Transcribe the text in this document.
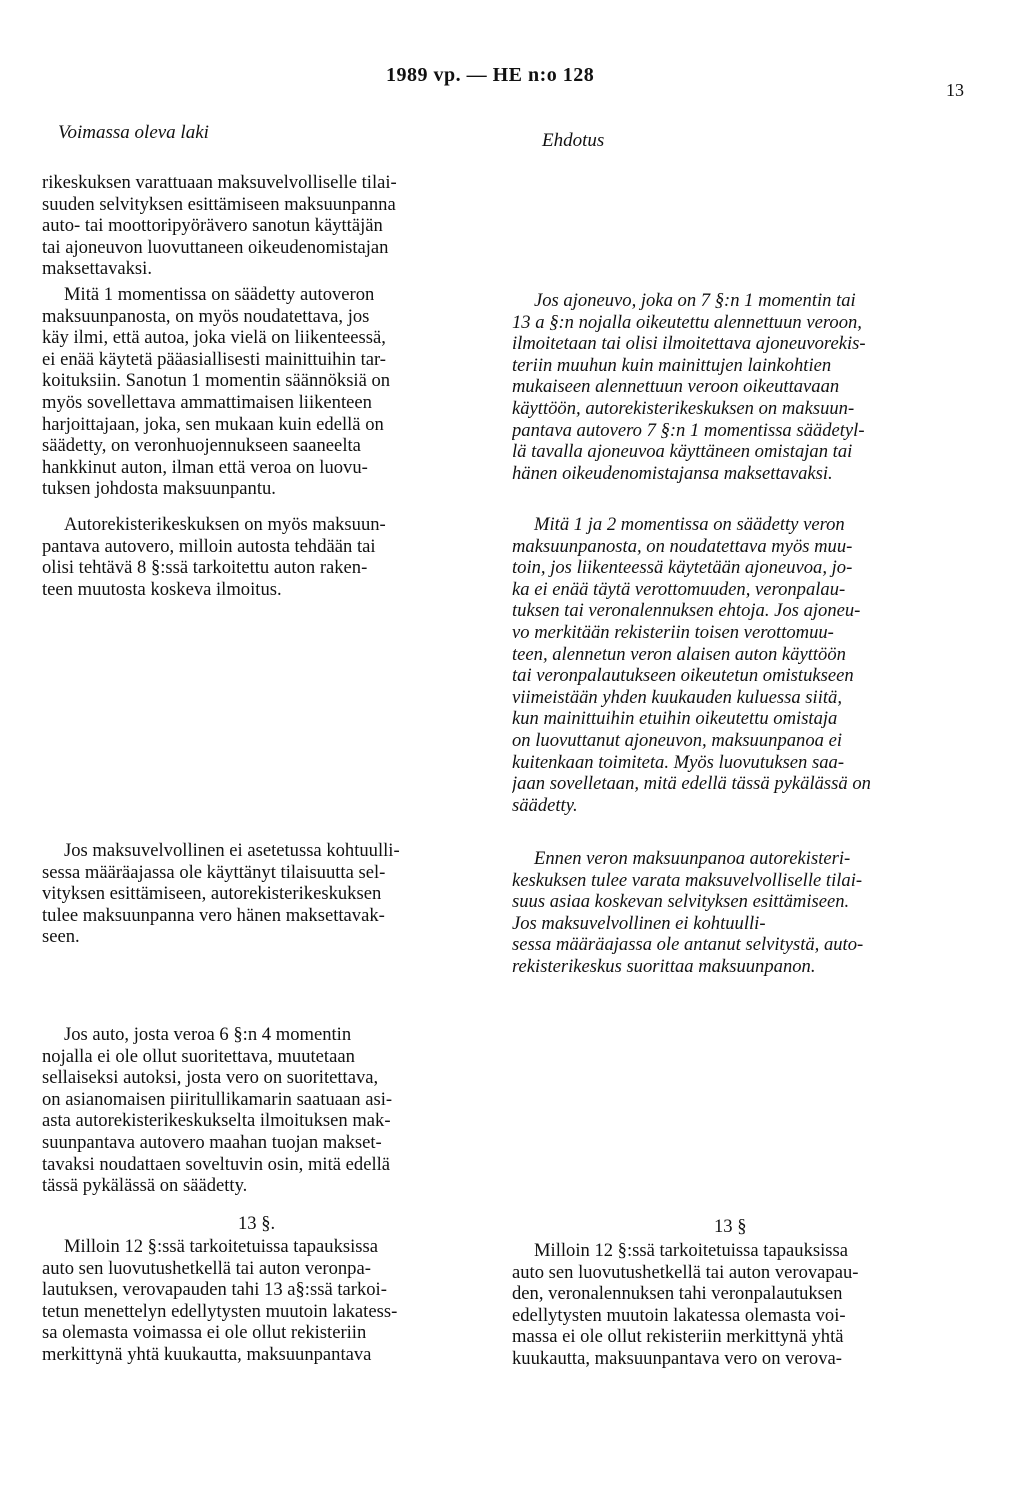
1989 vp. — HE n:o 128
13
Voimassa oleva laki	Ehdotus
rikeskuksen varattuaan maksuvelvolliselle tilai-
suuden selvityksen esittämiseen maksuunpanna
auto- tai moottoripyörävero sanotun käyttäjän
tai ajoneuvon luovuttaneen oikeudenomistajan
maksettavaksi.
Mitä 1 momentissa on säädetty autoveron
maksuunpanosta, on myös noudatettava, jos
käy ilmi, että autoa, joka vielä on liikenteessä,
ei enää käytetä pääasiallisesti mainittuihin tar-
koituksiin. Sanotun 1 momentin säännöksiä on
myös sovellettava ammattimaisen liikenteen
harjoittajaan, joka, sen mukaan kuin edellä on
säädetty, on veronhuojennukseen saaneelta
hankkinut auton, ilman että veroa on luovu-
tuksen johdosta maksuunpantu.
Autorekisterikeskuksen on myös maksuun-
pantava autovero, milloin autosta tehdään tai
olisi tehtävä 8 §:ssä tarkoitettu auton raken-
teen muutosta koskeva ilmoitus.
Jos maksuvelvollinen ei asetetussa kohtuulli-
sessa määräajassa ole käyttänyt tilaisuutta sel-
vityksen esittämiseen, autorekisterikeskuksen
tulee maksuunpanna vero hänen maksettavak-
seen.
Jos auto, josta veroa 6 §:n 4 momentin
nojalla ei ole ollut suoritettava, muutetaan
sellaiseksi autoksi, josta vero on suoritettava,
on asianomaisen piiritullikamarin saatuaan asi-
asta autorekisterikeskukselta ilmoituksen mak-
suunpantava autovero maahan tuojan makset-
tavaksi noudattaen soveltuvin osin, mitä edellä
tässä pykälässä on säädetty.
13 §.
Milloin 12 §:ssä tarkoitetuissa tapauksissa
auto sen luovutushetkellä tai auton veronpa-
lautuksen, verovapauden tahi 13 a§:ssä tarkoi-
tetun menettelyn edellytysten muutoin lakatess-
sa olemasta voimassa ei ole ollut rekisteriin
merkittynä yhtä kuukautta, maksuunpantava
Jos ajoneuvo, joka on 7 §:n 1 momentin tai
13 a §:n nojalla oikeutettu alennettuun veroon,
ilmoitetaan tai olisi ilmoitettava ajoneuvorekis-
teriin muuhun kuin mainittujen lainkohtien
mukaiseen alennettuun veroon oikeuttavaan
käyttöön, autorekisterikeskuksen on maksuun-
pantava autovero 7 §:n 1 momentissa säädetyl-
lä tavalla ajoneuvoa käyttäneen omistajan tai
hänen oikeudenomistajansa maksettavaksi.
Mitä 1 ja 2 momentissa on säädetty veron
maksuunpanosta, on noudatettava myös muu-
toin, jos liikenteessä käytetään ajoneuvoa, jo-
ka ei enää täytä verottomuuden, veronpalau-
tuksen tai veronalennuksen ehtoja. Jos ajoneu-
vo merkitään rekisteriin toisen verottomuu-
teen, alennetun veron alaisen auton käyttöön
tai veronpalautukseen oikeutetun omistukseen
viimeistään yhden kuukauden kuluessa siitä,
kun mainittuihin etuihin oikeutettu omistaja
on luovuttanut ajoneuvon, maksuunpanoa ei
kuitenkaan toimiteta. Myös luovutuksen saa-
jaan sovelletaan, mitä edellä tässä pykälässä on
säädetty.
Ennen veron maksuunpanoa autorekisteri-
keskuksen tulee varata maksuvelvolliselle tilai-
suus asiaa koskevan selvityksen esittämiseen.
Jos maksuvelvollinen ei kohtuulli-
sessa määräajassa ole antanut selvitystä, auto-
rekisterikeskus suorittaa maksuunpanon.
13 §
Milloin 12 §:ssä tarkoitetuissa tapauksissa
auto sen luovutushetkellä tai auton verovapau-
den, veronalennuksen tahi veronpalautuksen
edellytysten muutoin lakatessa olemasta voi-
massa ei ole ollut rekisteriin merkittynä yhtä
kuukautta, maksuunpantava vero on verova-
